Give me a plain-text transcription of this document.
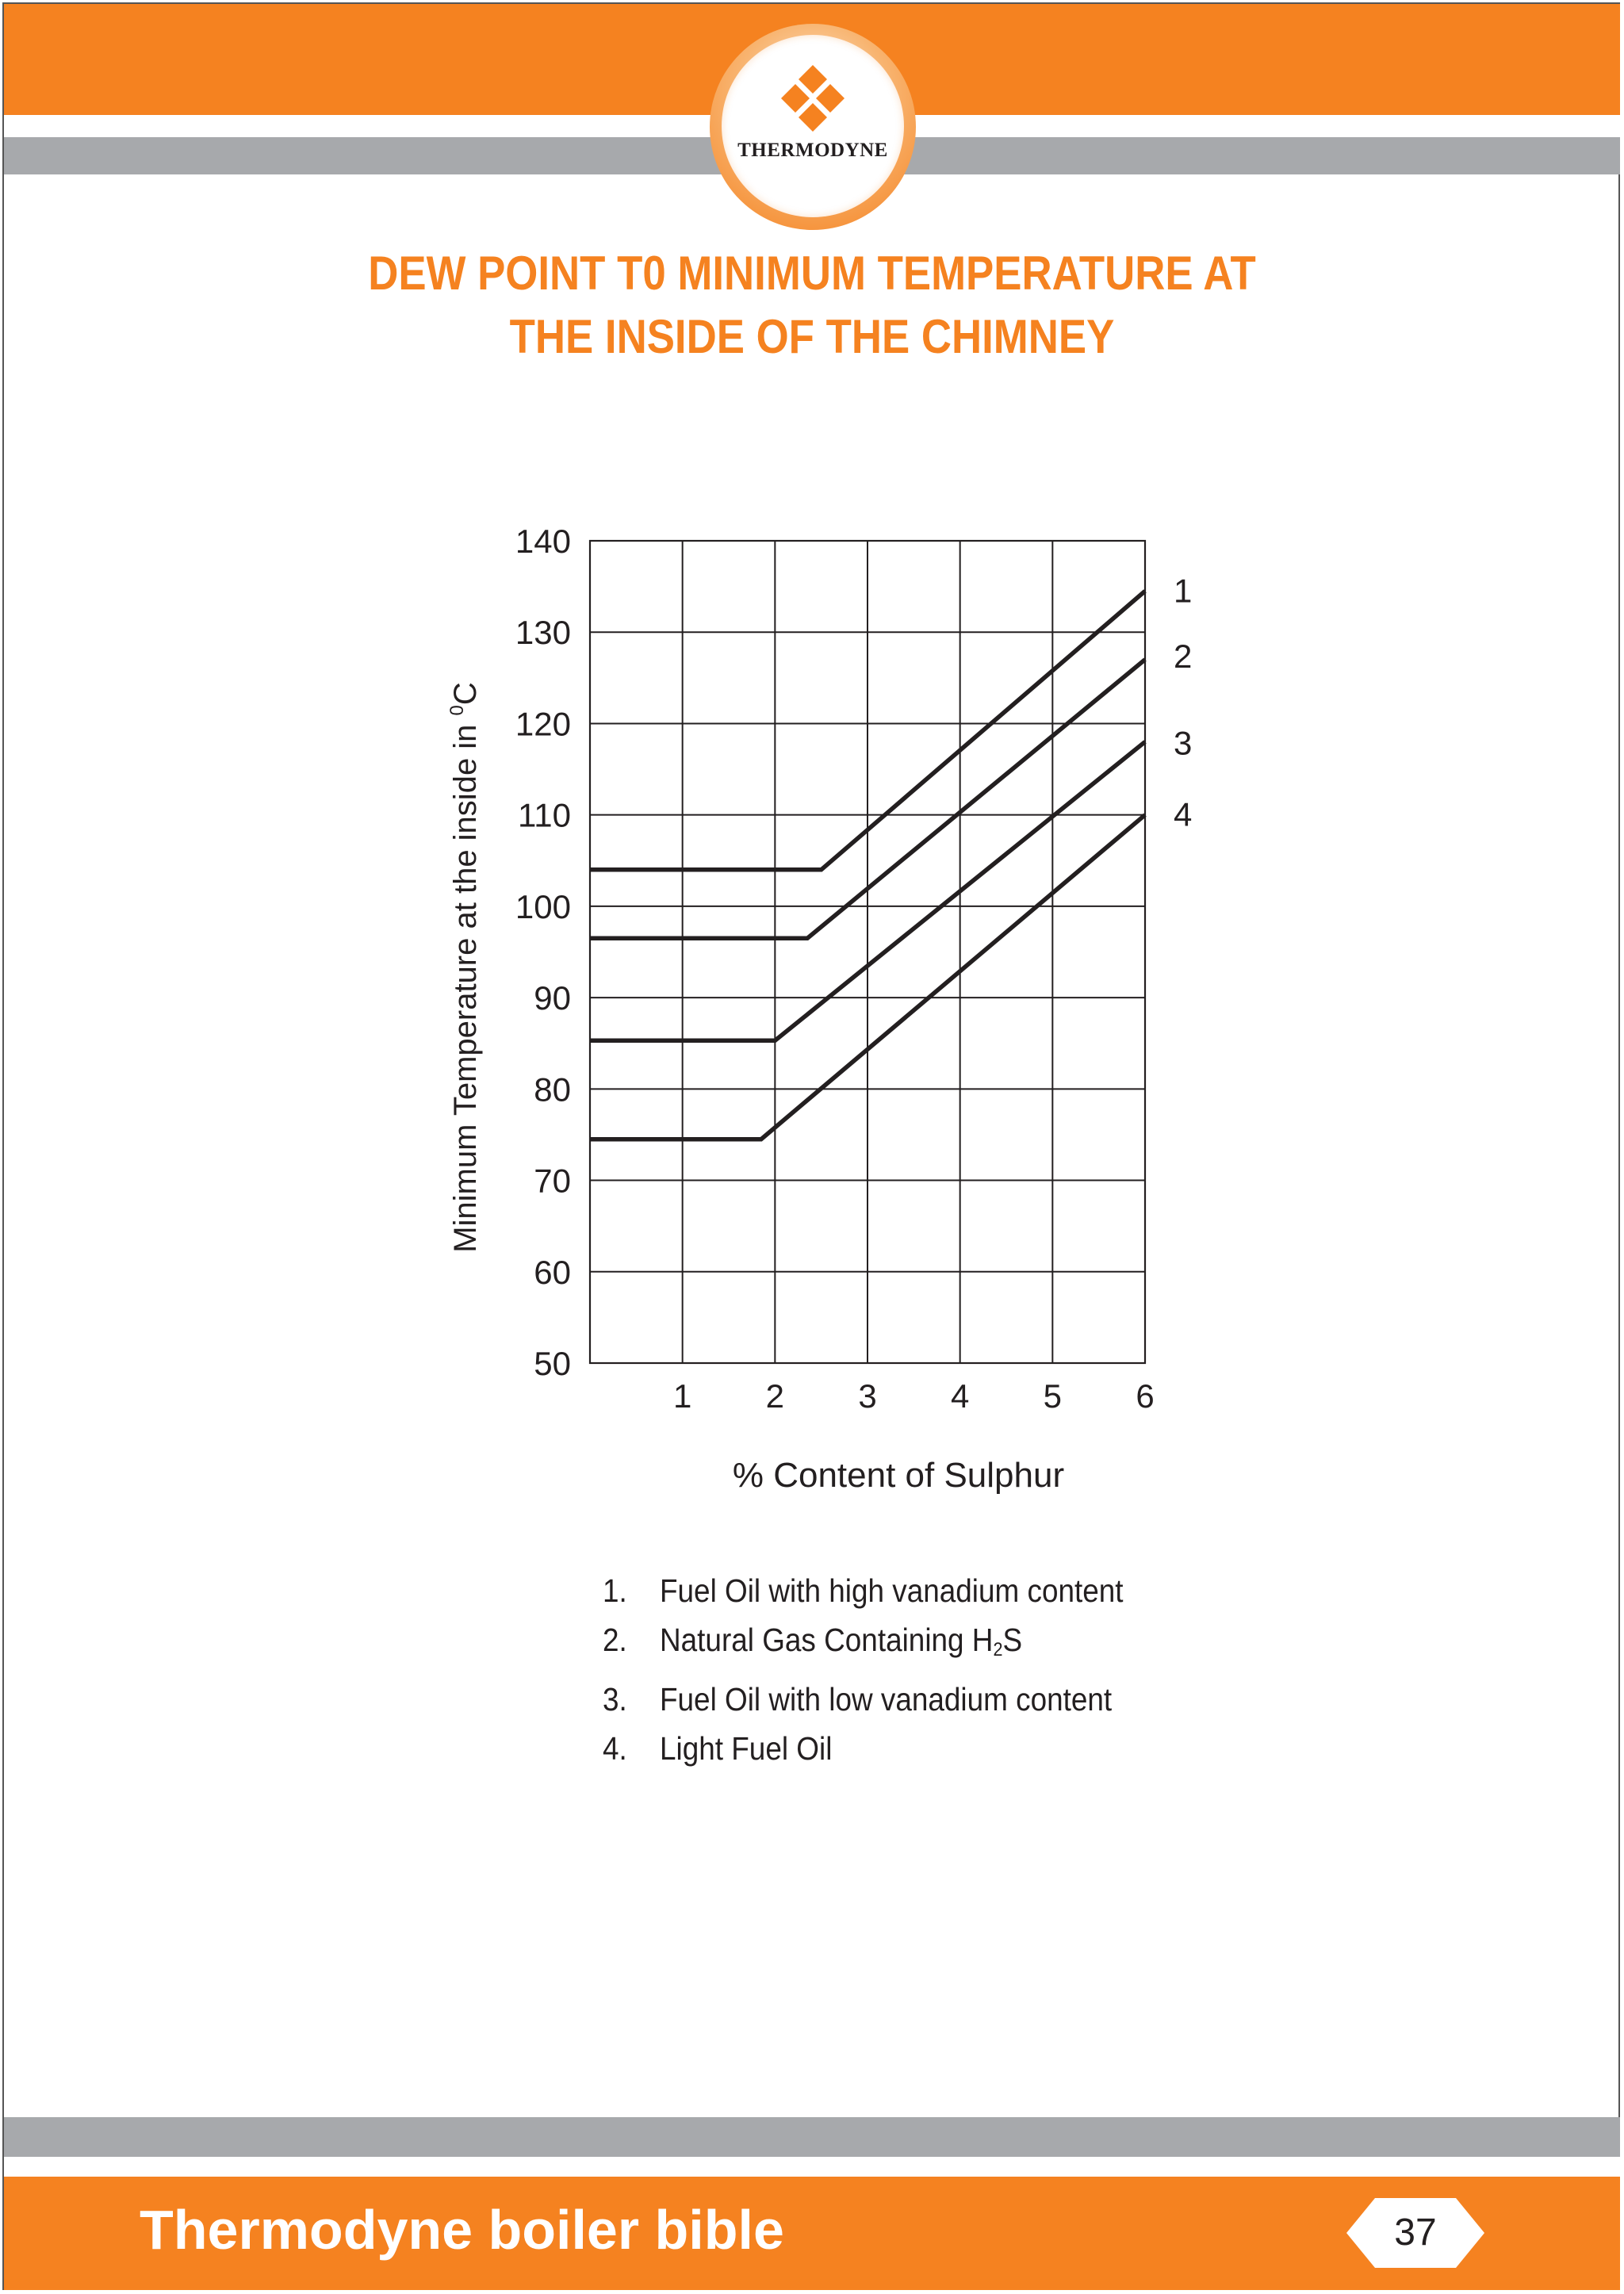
THERMODYNE
DEW POINT T0 MINIMUM TEMPERATURE AT
THE INSIDE OF THE CHIMNEY
1 2 3 4 5 6
50
60
70
80
90
100
110
120
130
140
1
2
3
4
% Content of Sulphur
Minimum Temperature at the inside in $^0$C
1.	Fuel Oil with high vanadium content
2.	Natural Gas Containing $H_2S$
3.	Fuel Oil with low vanadium content
4.	Light Fuel Oil
Thermodyne boiler bible	37
